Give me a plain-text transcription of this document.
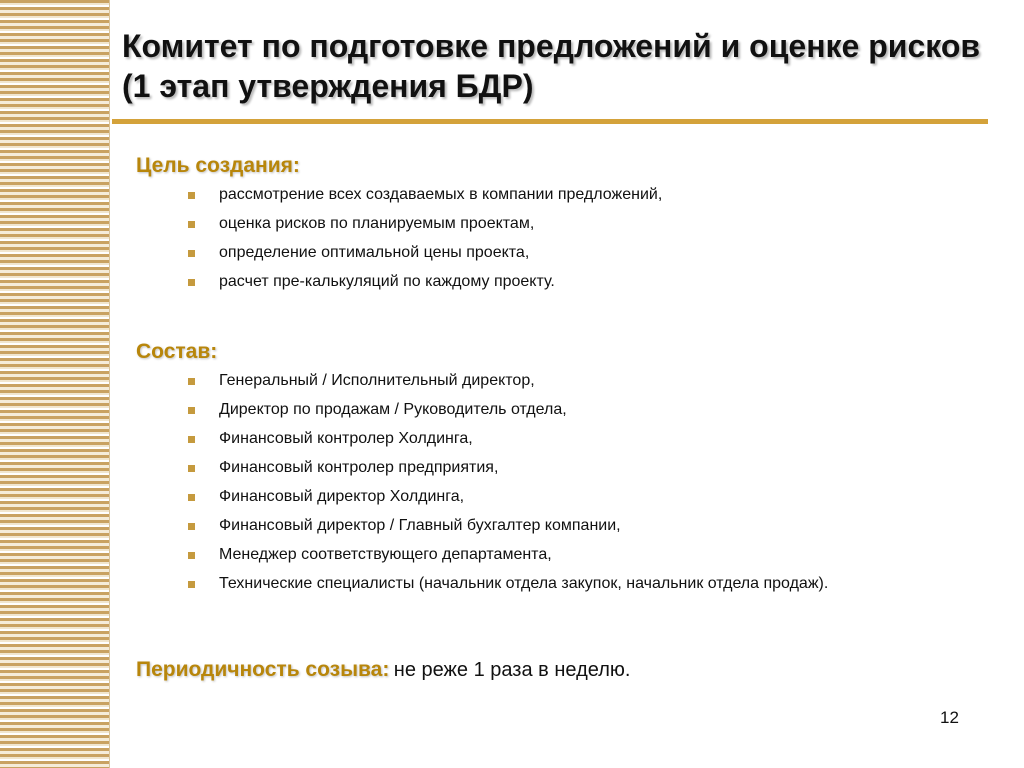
Комитет по подготовке предложений и оценке рисков (1 этап утверждения БДР)
Цель создания:
рассмотрение всех создаваемых в компании предложений,
оценка рисков по планируемым проектам,
определение оптимальной цены проекта,
расчет пре-калькуляций по каждому проекту.
Состав:
Генеральный / Исполнительный директор,
Директор по продажам / Руководитель отдела,
Финансовый контролер Холдинга,
Финансовый контролер предприятия,
Финансовый директор Холдинга,
Финансовый директор / Главный бухгалтер компании,
Менеджер соответствующего департамента,
Технические специалисты (начальник отдела закупок, начальник отдела продаж).

Периодичность созыва: не реже 1 раза в неделю.

12
